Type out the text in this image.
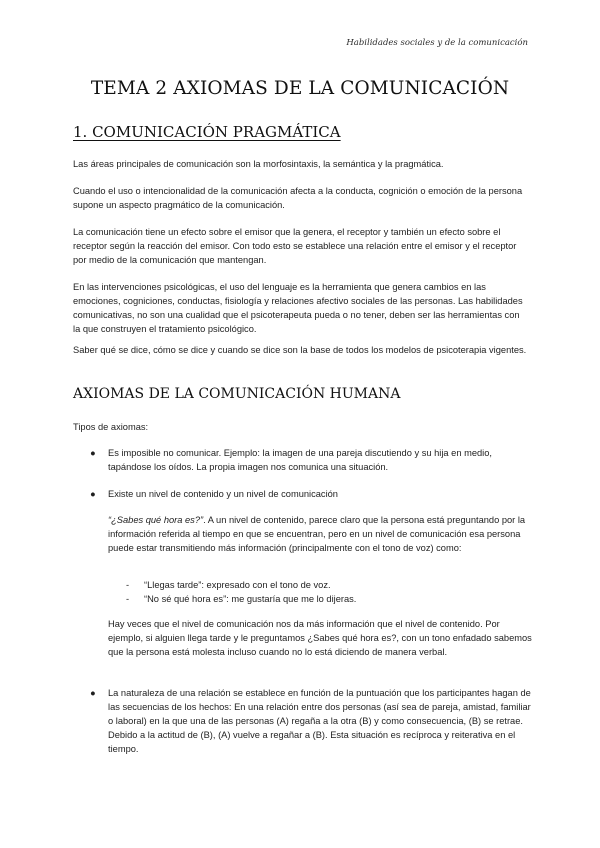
Habilidades sociales y de la comunicación
TEMA 2 AXIOMAS DE LA COMUNICACIÓN
1. COMUNICACIÓN PRAGMÁTICA

Las áreas principales de comunicación son la morfosintaxis, la semántica y la pragmática.

Cuando el uso o intencionalidad de la comunicación afecta a la conducta, cognición o emoción de la persona supone un aspecto pragmático de la comunicación.

La comunicación tiene un efecto sobre el emisor que la genera, el receptor y también un efecto sobre el receptor según la reacción del emisor. Con todo esto se establece una relación entre el emisor y el receptor por medio de la comunicación que mantengan.

En las intervenciones psicológicas, el uso del lenguaje es la herramienta que genera cambios en las emociones, cogniciones, conductas, fisiología y relaciones afectivo sociales de las personas. Las habilidades comunicativas, no son una cualidad que el psicoterapeuta pueda o no tener, deben ser las herramientas con la que construyen el tratamiento psicológico.

Saber qué se dice, cómo se dice y cuando se dice son la base de todos los modelos de psicoterapia vigentes.

AXIOMAS DE LA COMUNICACIÓN HUMANA

Tipos de axiomas:

●	Es imposible no comunicar. Ejemplo: la imagen de una pareja discutiendo y su hija en medio, tapándose los oídos. La propia imagen nos comunica una situación.
●	Existe un nivel de contenido y un nivel de comunicación

“¿Sabes qué hora es?”. A un nivel de contenido, parece claro que la persona está preguntando por la información referida al tiempo en que se encuentran, pero en un nivel de comunicación esa persona puede estar transmitiendo más información (principalmente con el tono de voz) como:

-	“Llegas tarde”: expresado con el tono de voz.
-	“No sé qué hora es”: me gustaría que me lo dijeras.

Hay veces que el nivel de comunicación nos da más información que el nivel de contenido. Por ejemplo, si alguien llega tarde y le preguntamos ¿Sabes qué hora es?, con un tono enfadado sabemos que la persona está molesta incluso cuando no lo está diciendo de manera verbal.

●	La naturaleza de una relación se establece en función de la puntuación que los participantes hagan de las secuencias de los hechos: En una relación entre dos personas (así sea de pareja, amistad, familiar o laboral) en la que una de las personas (A) regaña a la otra (B) y como consecuencia, (B) se retrae. Debido a la actitud de (B), (A) vuelve a regañar a (B). Esta situación es recíproca y reiterativa en el tiempo.
